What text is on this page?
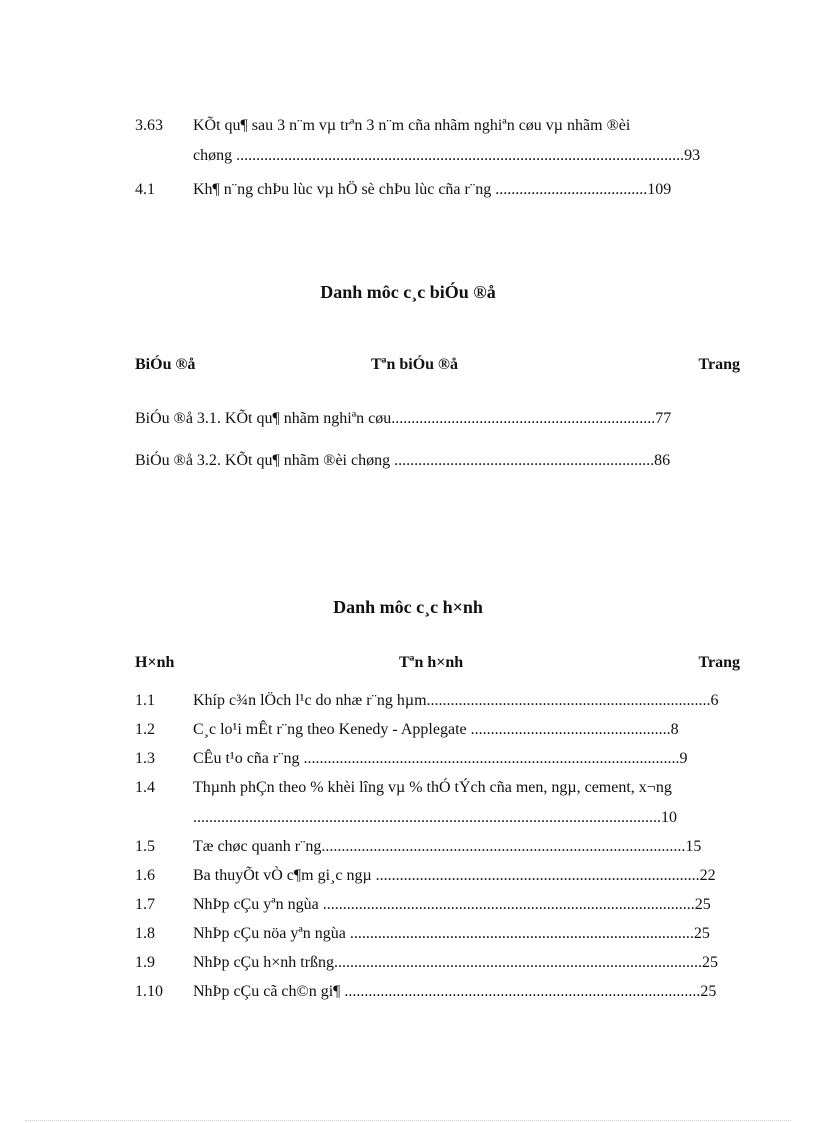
3.63 KÕt qu¶ sau 3 n¨m vµ trªn 3 n¨m cña nhãm nghiªn cøu vµ nhãm ®èi
chøng ................................................................................................................93
4.1 Kh¶ n¨ng chÞu lùc vµ hÖ sè chÞu lùc cña r¨ng ......................................109
Danh môc c¸c biÓu ®å
BiÓu ®å	Tªn biÓu ®å	Trang
BiÓu ®å 3.1. KÕt qu¶ nhãm nghiªn cøu..................................................................77
BiÓu ®å 3.2. KÕt qu¶ nhãm ®èi chøng .................................................................86
Danh môc c¸c h×nh
H×nh	Tªn h×nh	Trang
1.1 Khíp c¾n lÖch l¹c do nhæ r¨ng hµm.......................................................................6
1.2 C¸c lo¹i mÊt r¨ng theo Kenedy - Applegate ..................................................8
1.3 CÊu t¹o cña r¨ng ..............................................................................................9
1.4 Thµnh phÇn theo % khèi lîng vµ % thÓ tÝch cña men, ngµ, cement, x¬ng
.....................................................................................................................10
1.5 Tæ chøc quanh r¨ng...........................................................................................15
1.6 Ba thuyÕt vÒ c¶m gi¸c ngµ .................................................................................22
1.7 NhÞp cÇu yªn ngùa .............................................................................................25
1.8 NhÞp cÇu nöa yªn ngùa ......................................................................................25
1.9 NhÞp cÇu h×nh trßng............................................................................................25
1.10 NhÞp cÇu cã ch©n gi¶ .........................................................................................25
